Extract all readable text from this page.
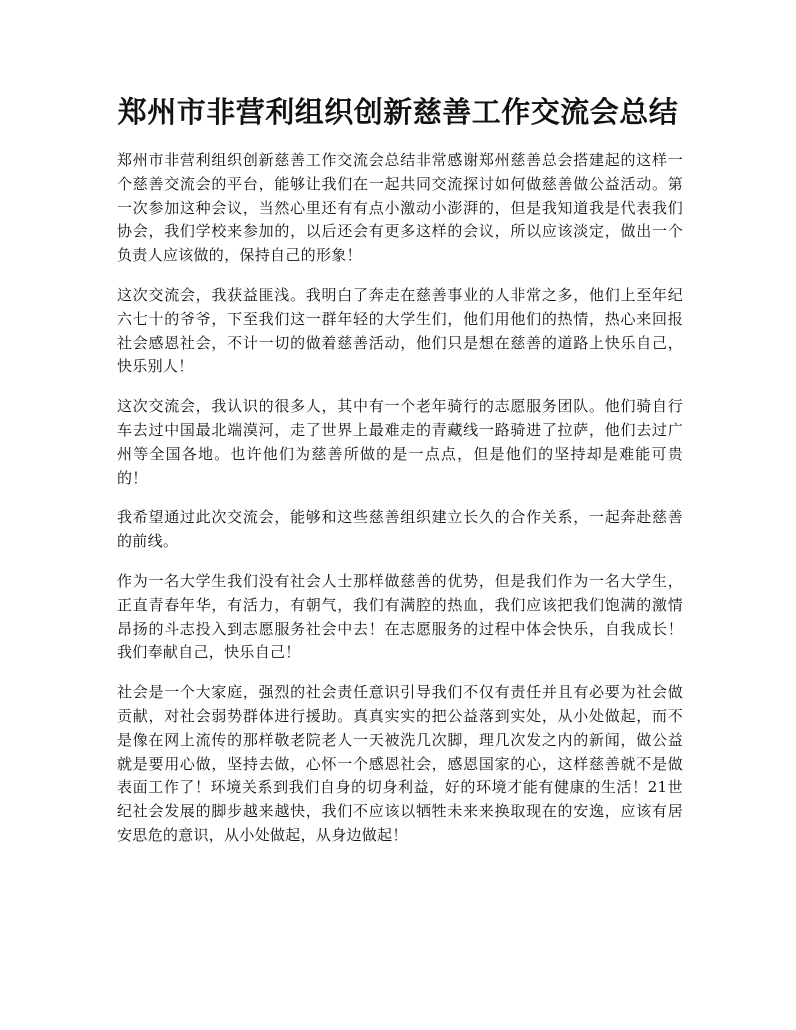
郑州市非营利组织创新慈善工作交流会总结

郑州市非营利组织创新慈善工作交流会总结非常感谢郑州慈善总会搭建起的这样一个慈善交流会的平台，能够让我们在一起共同交流探讨如何做慈善做公益活动。第一次参加这种会议，当然心里还有有点小激动小澎湃的，但是我知道我是代表我们协会，我们学校来参加的，以后还会有更多这样的会议，所以应该淡定，做出一个负责人应该做的，保持自己的形象！

这次交流会，我获益匪浅。我明白了奔走在慈善事业的人非常之多，他们上至年纪六七十的爷爷，下至我们这一群年轻的大学生们，他们用他们的热情，热心来回报社会感恩社会，不计一切的做着慈善活动，他们只是想在慈善的道路上快乐自己，快乐别人！

这次交流会，我认识的很多人，其中有一个老年骑行的志愿服务团队。他们骑自行车去过中国最北端漠河，走了世界上最难走的青藏线一路骑进了拉萨，他们去过广州等全国各地。也许他们为慈善所做的是一点点，但是他们的坚持却是难能可贵的！

我希望通过此次交流会，能够和这些慈善组织建立长久的合作关系，一起奔赴慈善的前线。

作为一名大学生我们没有社会人士那样做慈善的优势，但是我们作为一名大学生，正直青春年华，有活力，有朝气，我们有满腔的热血，我们应该把我们饱满的激情昂扬的斗志投入到志愿服务社会中去！在志愿服务的过程中体会快乐，自我成长！我们奉献自己，快乐自己！

社会是一个大家庭，强烈的社会责任意识引导我们不仅有责任并且有必要为社会做贡献，对社会弱势群体进行援助。真真实实的把公益落到实处，从小处做起，而不是像在网上流传的那样敬老院老人一天被洗几次脚，理几次发之内的新闻，做公益就是要用心做，坚持去做，心怀一个感恩社会，感恩国家的心，这样慈善就不是做表面工作了！环境关系到我们自身的切身利益，好的环境才能有健康的生活！21世纪社会发展的脚步越来越快，我们不应该以牺牲未来来换取现在的安逸，应该有居安思危的意识，从小处做起，从身边做起！
